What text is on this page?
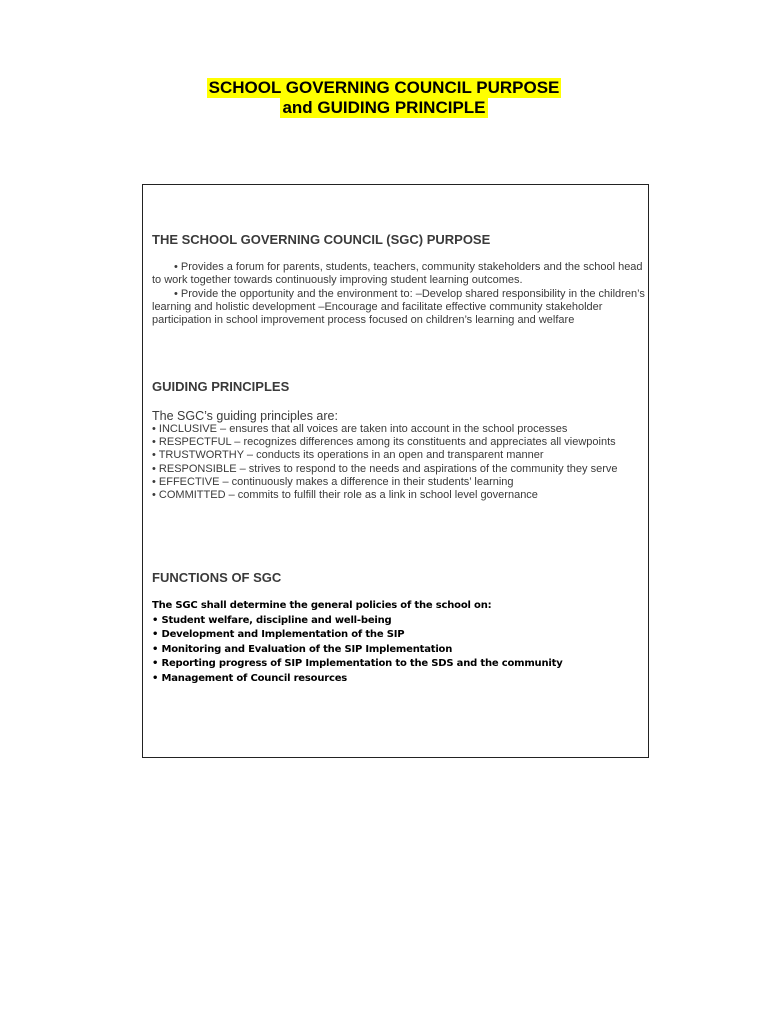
SCHOOL GOVERNING COUNCIL PURPOSE
and GUIDING PRINCIPLE
THE SCHOOL GOVERNING COUNCIL (SGC) PURPOSE
• Provides a forum for parents, students, teachers, community stakeholders and the school head to work together towards continuously improving student learning outcomes.
• Provide the opportunity and the environment to: –Develop shared responsibility in the children’s learning and holistic development –Encourage and facilitate effective community stakeholder participation in school improvement process focused on children’s learning and welfare
GUIDING PRINCIPLES
The SGC’s guiding principles are:
• INCLUSIVE – ensures that all voices are taken into account in the school processes
• RESPECTFUL – recognizes differences among its constituents and appreciates all viewpoints
• TRUSTWORTHY – conducts its operations in an open and transparent manner
• RESPONSIBLE – strives to respond to the needs and aspirations of the community they serve
• EFFECTIVE – continuously makes a difference in their students’ learning
• COMMITTED – commits to fulfill their role as a link in school level governance
FUNCTIONS OF SGC
The SGC shall determine the general policies of the school on:
• Student welfare, discipline and well-being
• Development and Implementation of the SIP
• Monitoring and Evaluation of the SIP Implementation
• Reporting progress of SIP Implementation to the SDS and the community
• Management of Council resources
